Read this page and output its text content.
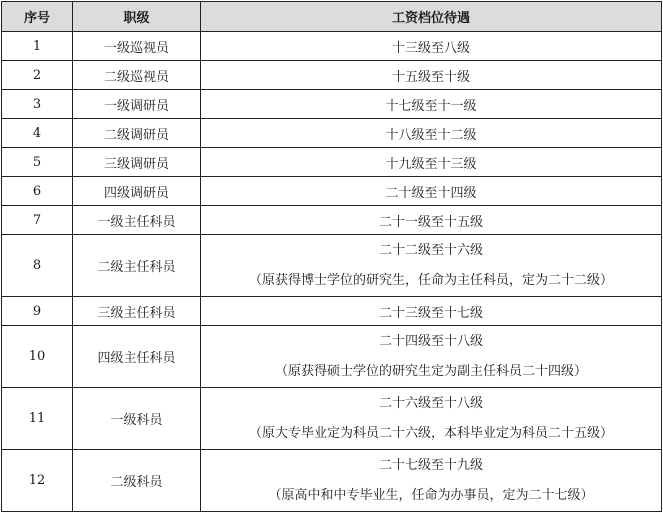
序号	职级	工资档位待遇
1	一级巡视员	十三级至八级
2	二级巡视员	十五级至十级
3	一级调研员	十七级至十一级
4	二级调研员	十八级至十二级
5	三级调研员	十九级至十三级
6	四级调研员	二十级至十四级
7	一级主任科员	二十一级至十五级
8	二级主任科员	二十二级至十六级
（原获得博士学位的研究生，任命为主任科员，定为二十二级）

9	三级主任科员	二十三级至十七级
10	四级主任科员	二十四级至十八级
（原获得硕士学位的研究生定为副主任科员二十四级）

11	一级科员	二十六级至十八级
（原大专毕业定为科员二十六级，本科毕业定为科员二十五级）

12	二级科员	二十七级至十九级
（原高中和中专毕业生，任命为办事员，定为二十七级）
